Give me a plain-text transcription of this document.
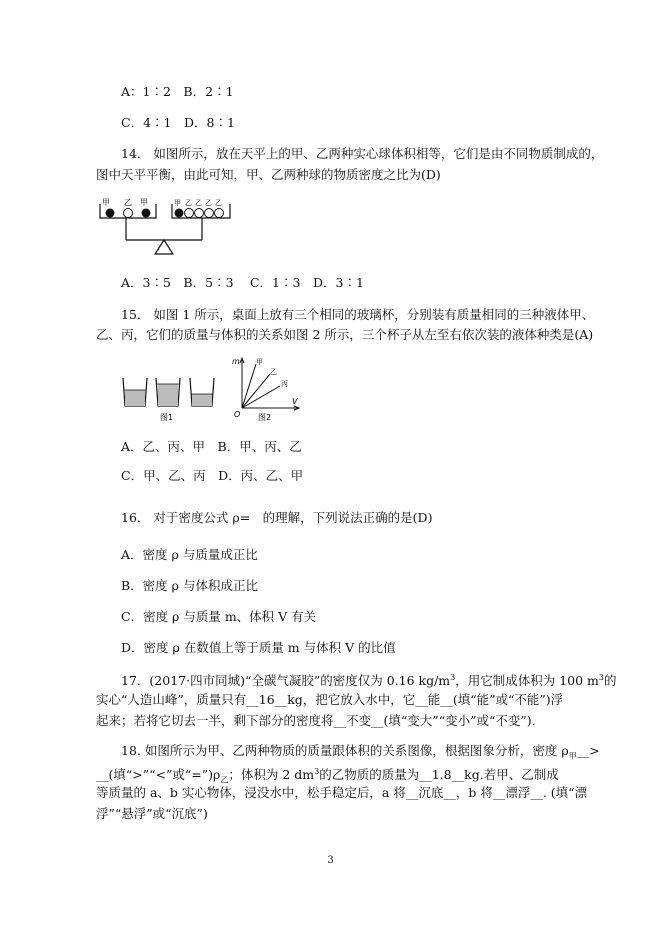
A：1∶2　B．2∶1
C．4∶1　D．8∶1
14． 如图所示，放在天平上的甲、乙两种实心球体积相等，它们是由不同物质制成的，
图中天平平衡，由此可知，甲、乙两种球的物质密度之比为(D)
甲 乙 甲	甲 乙 乙 乙 乙
A．3∶5　B．5∶3　 C．1∶3　D．3∶1
15． 如图 1 所示，桌面上放有三个相同的玻璃杯，分别装有质量相同的三种液体甲、
乙、丙，它们的质量与体积的关系如图 2 所示，三个杯子从左至右依次装的液体种类是(A)
图1
m
V
O
甲
乙
丙
图2
A．乙、丙、甲　B．甲、丙、乙
C．甲、乙、丙　D．丙、乙、甲
16． 对于密度公式 ρ=　的理解，下列说法正确的是(D)
A．密度 ρ 与质量成正比
B．密度 ρ 与体积成正比
C．密度 ρ 与质量 m、体积 V 有关
D．密度 ρ 在数值上等于质量 m 与体积 V 的比值
17．(2017·四市同城)“全碳气凝胶”的密度仅为 0.16 $kg/m^3$，用它制成体积为 100 $m^3$的
实心“人造山峰”，质量只有__16__kg，把它放入水中，它__能__(填“能”或“不能”)浮
起来；若将它切去一半，剩下部分的密度将__不变__(填“变大”“变小”或“不变”).
18. 如图所示为甲、乙两种物质的质量跟体积的关系图像，根据图象分析，密度 $\rho_甲\_\_>$
__(填“>”“<”或“$=”)\rho_乙$；体积为 2 $dm^3$的乙物质的质量为__1.8__kg.若甲、乙制成
等质量的 a、b 实心物体，浸没水中，松手稳定后，a 将__沉底__，b 将__漂浮__. (填“漂
浮”“悬浮”或“沉底”)
3
